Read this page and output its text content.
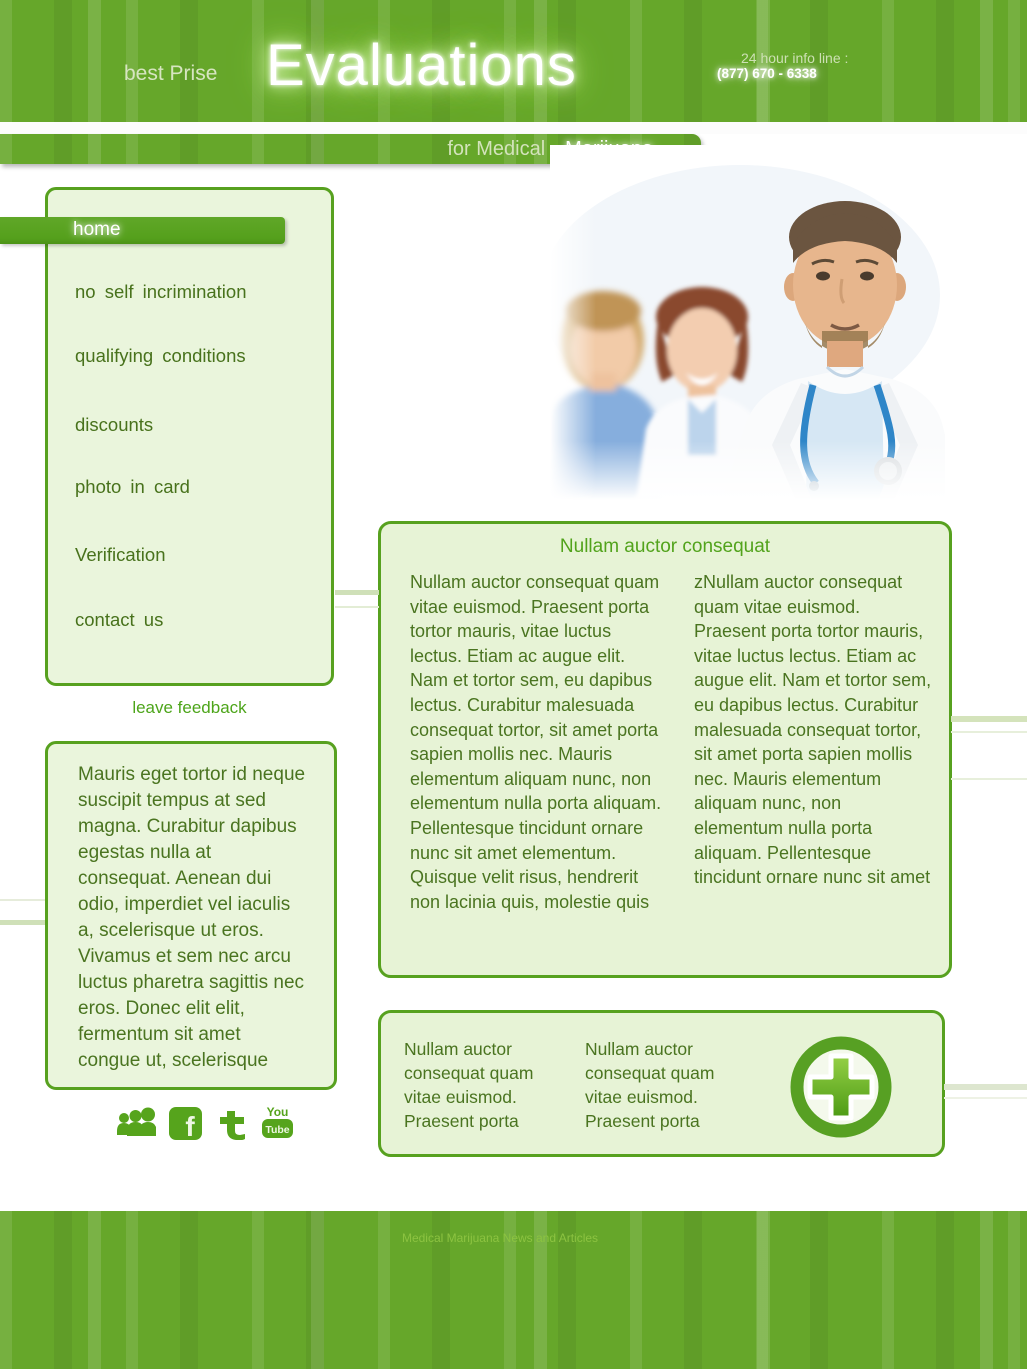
best Prise Evaluations	24 hour info line :
(877) 670 - 6338
for Medical
home
no self incrimination
qualifying conditions
discounts
photo in card
Verification
contact us
leave feedback
Mauris eget tortor id neque suscipit tempus at sed magna. Curabitur dapibus egestas nulla at consequat. Aenean dui odio, imperdiet vel iaculis a, scelerisque ut eros. Vivamus et sem nec arcu luctus pharetra sagittis nec eros. Donec elit elit, fermentum sit amet congue ut, scelerisque
f	You
Tube
Nullam auctor consequat
Nullam auctor consequat quam vitae euismod. Praesent porta tortor mauris, vitae luctus lectus. Etiam ac augue elit. Nam et tortor sem, eu dapibus lectus. Curabitur malesuada consequat tortor, sit amet porta sapien mollis nec. Mauris elementum aliquam nunc, non elementum nulla porta aliquam. Pellentesque tincidunt ornare nunc sit amet elementum. Quisque velit risus, hendrerit non lacinia quis, molestie quis
zNullam auctor consequat quam vitae euismod. Praesent porta tortor mauris, vitae luctus lectus. Etiam ac augue elit. Nam et tortor sem, eu dapibus lectus. Curabitur malesuada consequat tortor, sit amet porta sapien mollis nec. Mauris elementum aliquam nunc, non elementum nulla porta aliquam. Pellentesque tincidunt ornare nunc sit amet
Nullam auctor consequat quam vitae euismod. Praesent porta
Nullam auctor consequat quam vitae euismod. Praesent porta
Medical Marijuana News and Articles
